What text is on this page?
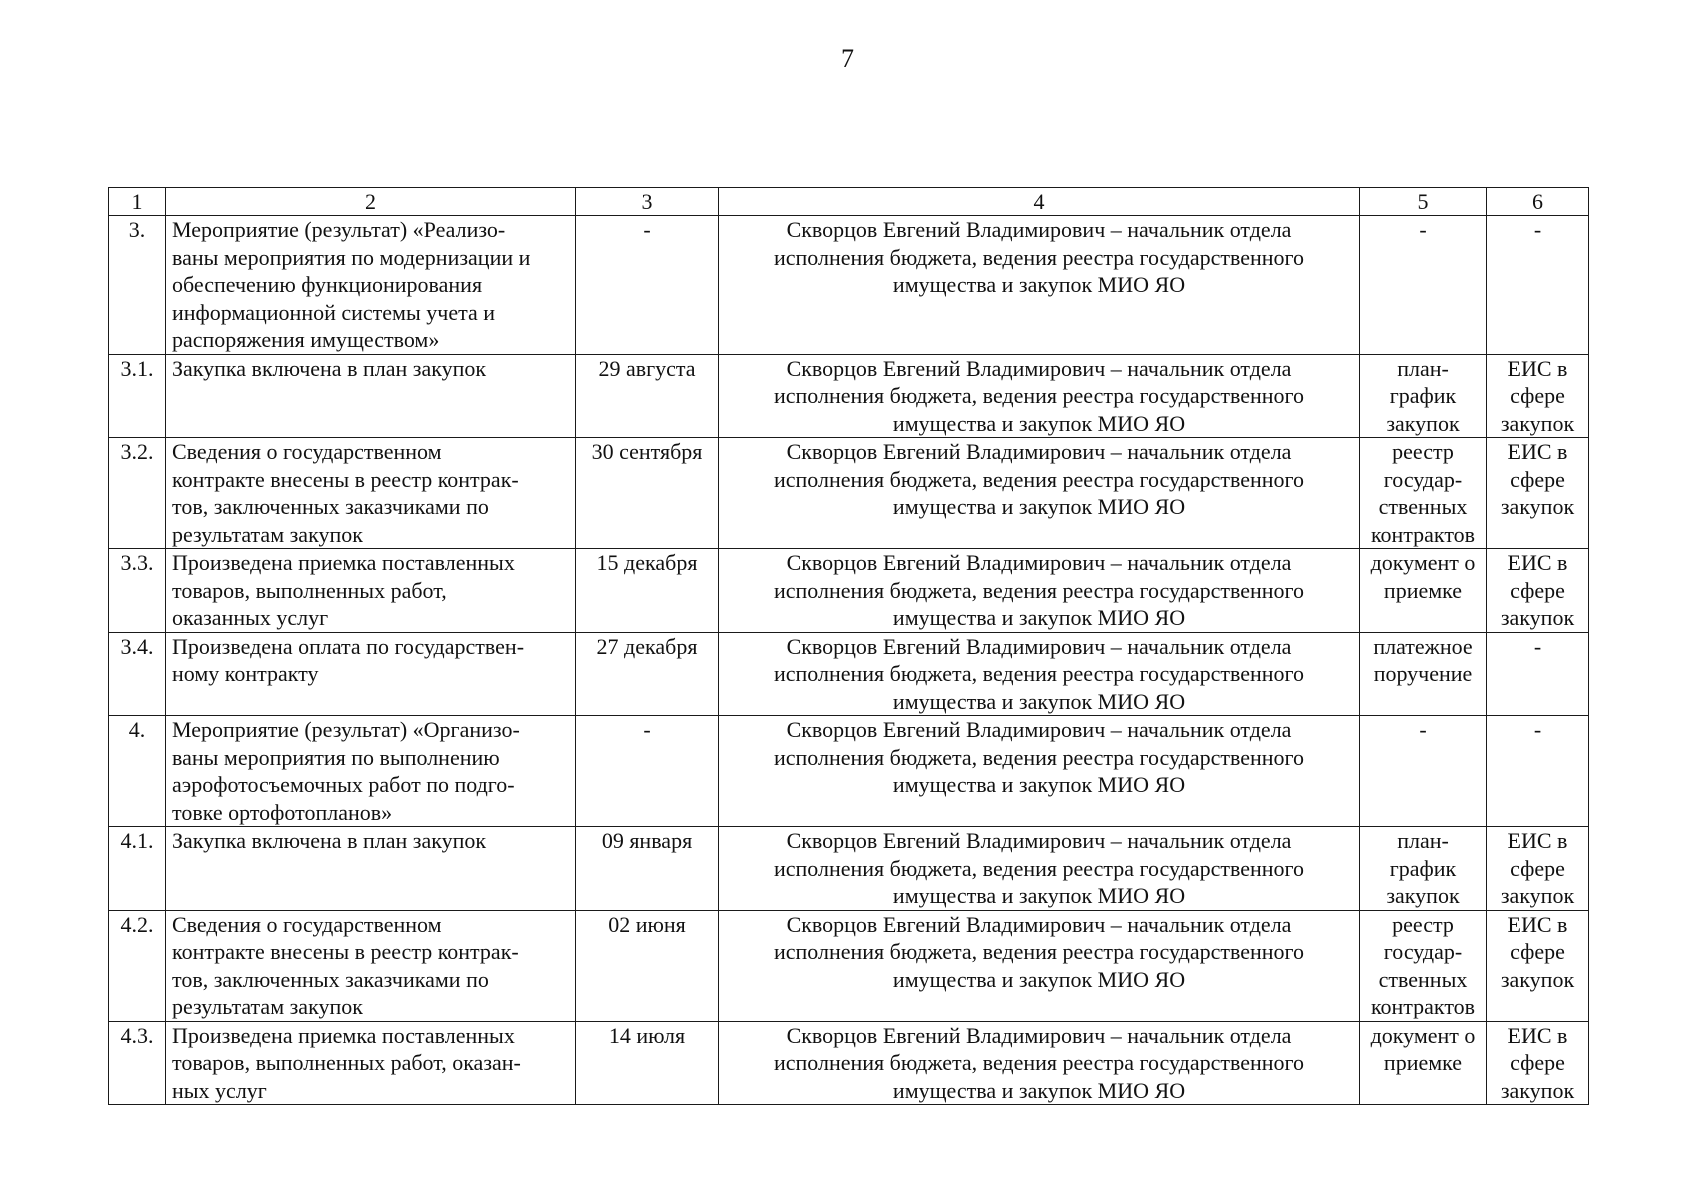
7
1	2	3	4	5	6
3.	Мероприятие (результат) «Реализо-
ваны мероприятия по модернизации и
обеспечению функционирования
информационной системы учета и
распоряжения имуществом»	-	Скворцов Евгений Владимирович – начальник отдела
исполнения бюджета, ведения реестра государственного
имущества и закупок МИО ЯО	-	-

3.1.	Закупка включена в план закупок	29 августа	Скворцов Евгений Владимирович – начальник отдела
исполнения бюджета, ведения реестра государственного
имущества и закупок МИО ЯО	план-
график
закупок	ЕИС в
сфере
закупок

3.2.	Сведения о государственном
контракте внесены в реестр контрак-
тов, заключенных заказчиками по
результатам закупок	30 сентября	Скворцов Евгений Владимирович – начальник отдела
исполнения бюджета, ведения реестра государственного
имущества и закупок МИО ЯО	реестр
государ-
ственных
контрактов	ЕИС в
сфере
закупок

3.3.	Произведена приемка поставленных
товаров, выполненных работ,
оказанных услуг	15 декабря	Скворцов Евгений Владимирович – начальник отдела
исполнения бюджета, ведения реестра государственного
имущества и закупок МИО ЯО	документ о
приемке	ЕИС в
сфере
закупок

3.4.	Произведена оплата по государствен-
ному контракту	27 декабря	Скворцов Евгений Владимирович – начальник отдела
исполнения бюджета, ведения реестра государственного
имущества и закупок МИО ЯО	платежное
поручение	-

4.	Мероприятие (результат) «Организо-
ваны мероприятия по выполнению
аэрофотосъемочных работ по подго-
товке ортофотопланов»	-	Скворцов Евгений Владимирович – начальник отдела
исполнения бюджета, ведения реестра государственного
имущества и закупок МИО ЯО	-	-

4.1.	Закупка включена в план закупок	09 января	Скворцов Евгений Владимирович – начальник отдела
исполнения бюджета, ведения реестра государственного
имущества и закупок МИО ЯО	план-
график
закупок	ЕИС в
сфере
закупок

4.2.	Сведения о государственном
контракте внесены в реестр контрак-
тов, заключенных заказчиками по
результатам закупок	02 июня	Скворцов Евгений Владимирович – начальник отдела
исполнения бюджета, ведения реестра государственного
имущества и закупок МИО ЯО	реестр
государ-
ственных
контрактов	ЕИС в
сфере
закупок

4.3.	Произведена приемка поставленных
товаров, выполненных работ, оказан-
ных услуг	14 июля	Скворцов Евгений Владимирович – начальник отдела
исполнения бюджета, ведения реестра государственного
имущества и закупок МИО ЯО	документ о
приемке	ЕИС в
сфере
закупок
